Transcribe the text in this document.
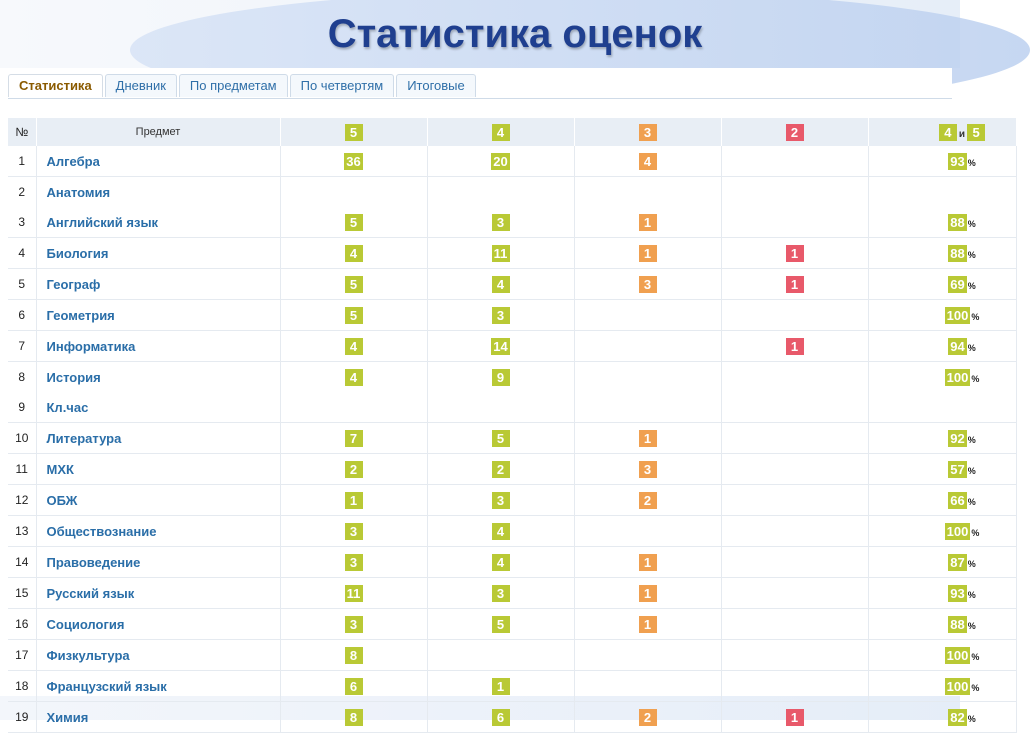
Статистика оценок
Статистика	Дневник	По предметам	По четвертям	Итоговые
№	Предмет	5	4	3	2	4 и 5
1	Алгебра	36	20	4		93 %
2	Анатомия					
3	Английский язык	5	3	1		88 %
4	Биология	4	11	1	1	88 %
5	Географ	5	4	3	1	69 %
6	Геометрия	5	3			100 %
7	Информатика	4	14		1	94 %
8	История	4	9			100 %
9	Кл.час					
10	Литература	7	5	1		92 %
11	МХК	2	2	3		57 %
12	ОБЖ	1	3	2		66 %
13	Обществознание	3	4			100 %
14	Правоведение	3	4	1		87 %
15	Русский язык	11	3	1		93 %
16	Социология	3	5	1		88 %
17	Физкультура	8				100 %
18	Французский язык	6	1			100 %
19	Химия	8	6	2	1	82 %
